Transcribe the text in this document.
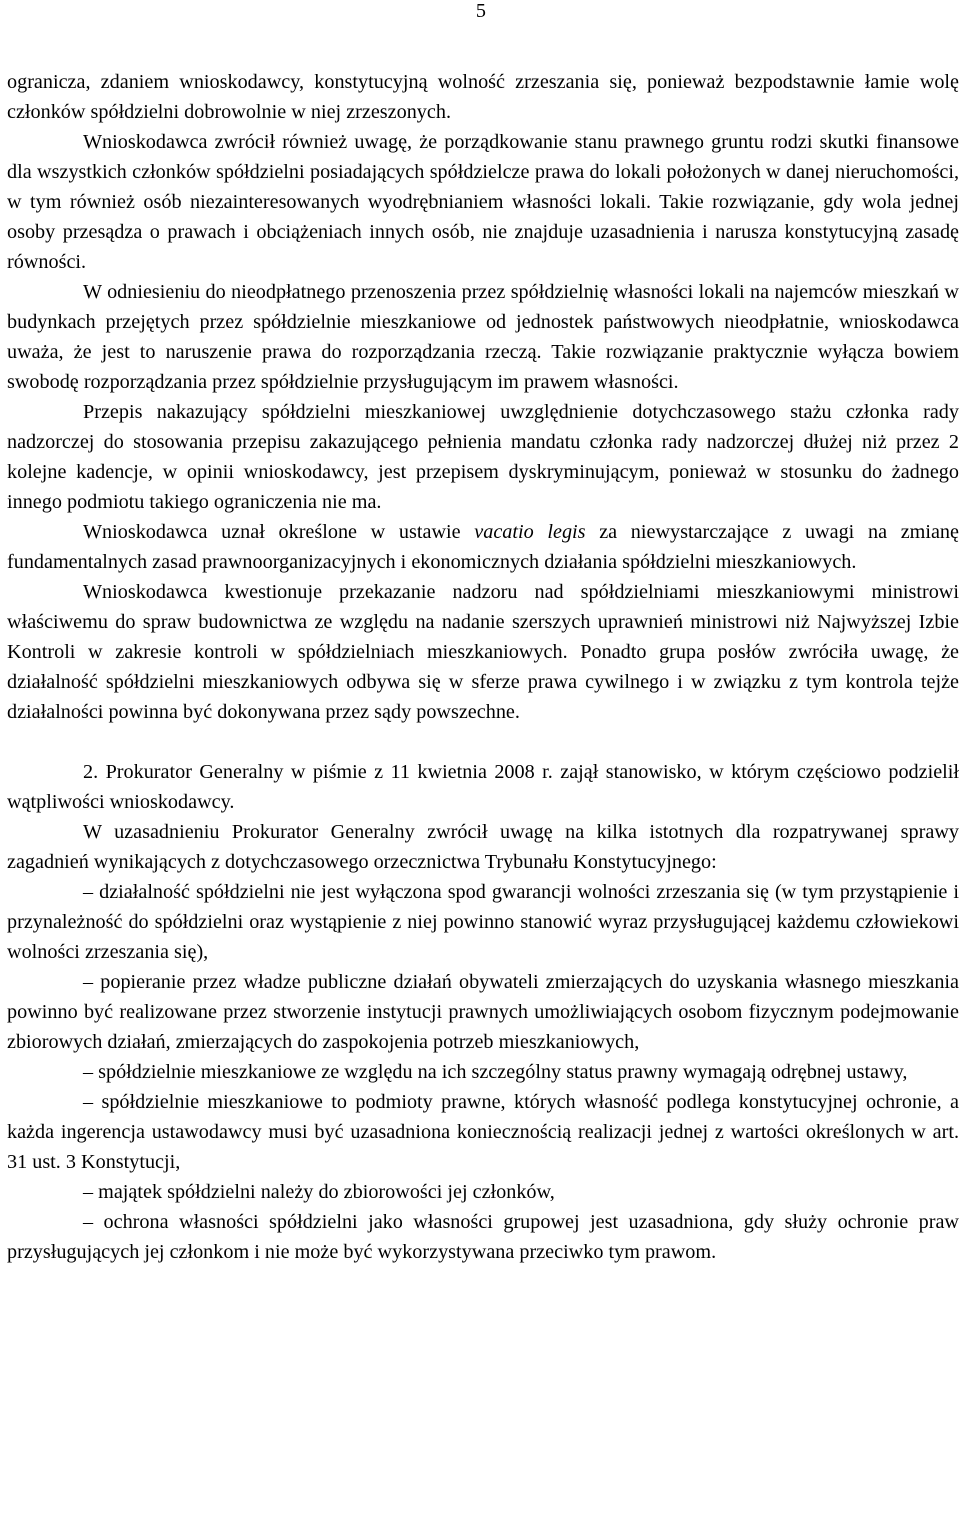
5

ogranicza, zdaniem wnioskodawcy, konstytucyjną wolność zrzeszania się, ponieważ bezpodstawnie łamie wolę członków spółdzielni dobrowolnie w niej zrzeszonych.

Wnioskodawca zwrócił również uwagę, że porządkowanie stanu prawnego gruntu rodzi skutki finansowe dla wszystkich członków spółdzielni posiadających spółdzielcze prawa do lokali położonych w danej nieruchomości, w tym również osób niezainteresowanych wyodrębnianiem własności lokali. Takie rozwiązanie, gdy wola jednej osoby przesądza o prawach i obciążeniach innych osób, nie znajduje uzasadnienia i narusza konstytucyjną zasadę równości.

W odniesieniu do nieodpłatnego przenoszenia przez spółdzielnię własności lokali na najemców mieszkań w budynkach przejętych przez spółdzielnie mieszkaniowe od jednostek państwowych nieodpłatnie, wnioskodawca uważa, że jest to naruszenie prawa do rozporządzania rzeczą. Takie rozwiązanie praktycznie wyłącza bowiem swobodę rozporządzania przez spółdzielnie przysługującym im prawem własności.

Przepis nakazujący spółdzielni mieszkaniowej uwzględnienie dotychczasowego stażu członka rady nadzorczej do stosowania przepisu zakazującego pełnienia mandatu członka rady nadzorczej dłużej niż przez 2 kolejne kadencje, w opinii wnioskodawcy, jest przepisem dyskryminującym, ponieważ w stosunku do żadnego innego podmiotu takiego ograniczenia nie ma.

Wnioskodawca uznał określone w ustawie vacatio legis za niewystarczające z uwagi na zmianę fundamentalnych zasad prawnoorganizacyjnych i ekonomicznych działania spółdzielni mieszkaniowych.

Wnioskodawca kwestionuje przekazanie nadzoru nad spółdzielniami mieszkaniowymi ministrowi właściwemu do spraw budownictwa ze względu na nadanie szerszych uprawnień ministrowi niż Najwyższej Izbie Kontroli w zakresie kontroli w spółdzielniach mieszkaniowych. Ponadto grupa posłów zwróciła uwagę, że działalność spółdzielni mieszkaniowych odbywa się w sferze prawa cywilnego i w związku z tym kontrola tejże działalności powinna być dokonywana przez sądy powszechne.

2. Prokurator Generalny w piśmie z 11 kwietnia 2008 r. zajął stanowisko, w którym częściowo podzielił wątpliwości wnioskodawcy.

W uzasadnieniu Prokurator Generalny zwrócił uwagę na kilka istotnych dla rozpatrywanej sprawy zagadnień wynikających z dotychczasowego orzecznictwa Trybunału Konstytucyjnego:

– działalność spółdzielni nie jest wyłączona spod gwarancji wolności zrzeszania się (w tym przystąpienie i przynależność do spółdzielni oraz wystąpienie z niej powinno stanowić wyraz przysługującej każdemu człowiekowi wolności zrzeszania się),

– popieranie przez władze publiczne działań obywateli zmierzających do uzyskania własnego mieszkania powinno być realizowane przez stworzenie instytucji prawnych umożliwiających osobom fizycznym podejmowanie zbiorowych działań, zmierzających do zaspokojenia potrzeb mieszkaniowych,

– spółdzielnie mieszkaniowe ze względu na ich szczególny status prawny wymagają odrębnej ustawy,

– spółdzielnie mieszkaniowe to podmioty prawne, których własność podlega konstytucyjnej ochronie, a każda ingerencja ustawodawcy musi być uzasadniona koniecznością realizacji jednej z wartości określonych w art. 31 ust. 3 Konstytucji,

– majątek spółdzielni należy do zbiorowości jej członków,

– ochrona własności spółdzielni jako własności grupowej jest uzasadniona, gdy służy ochronie praw przysługujących jej członkom i nie może być wykorzystywana przeciwko tym prawom.
